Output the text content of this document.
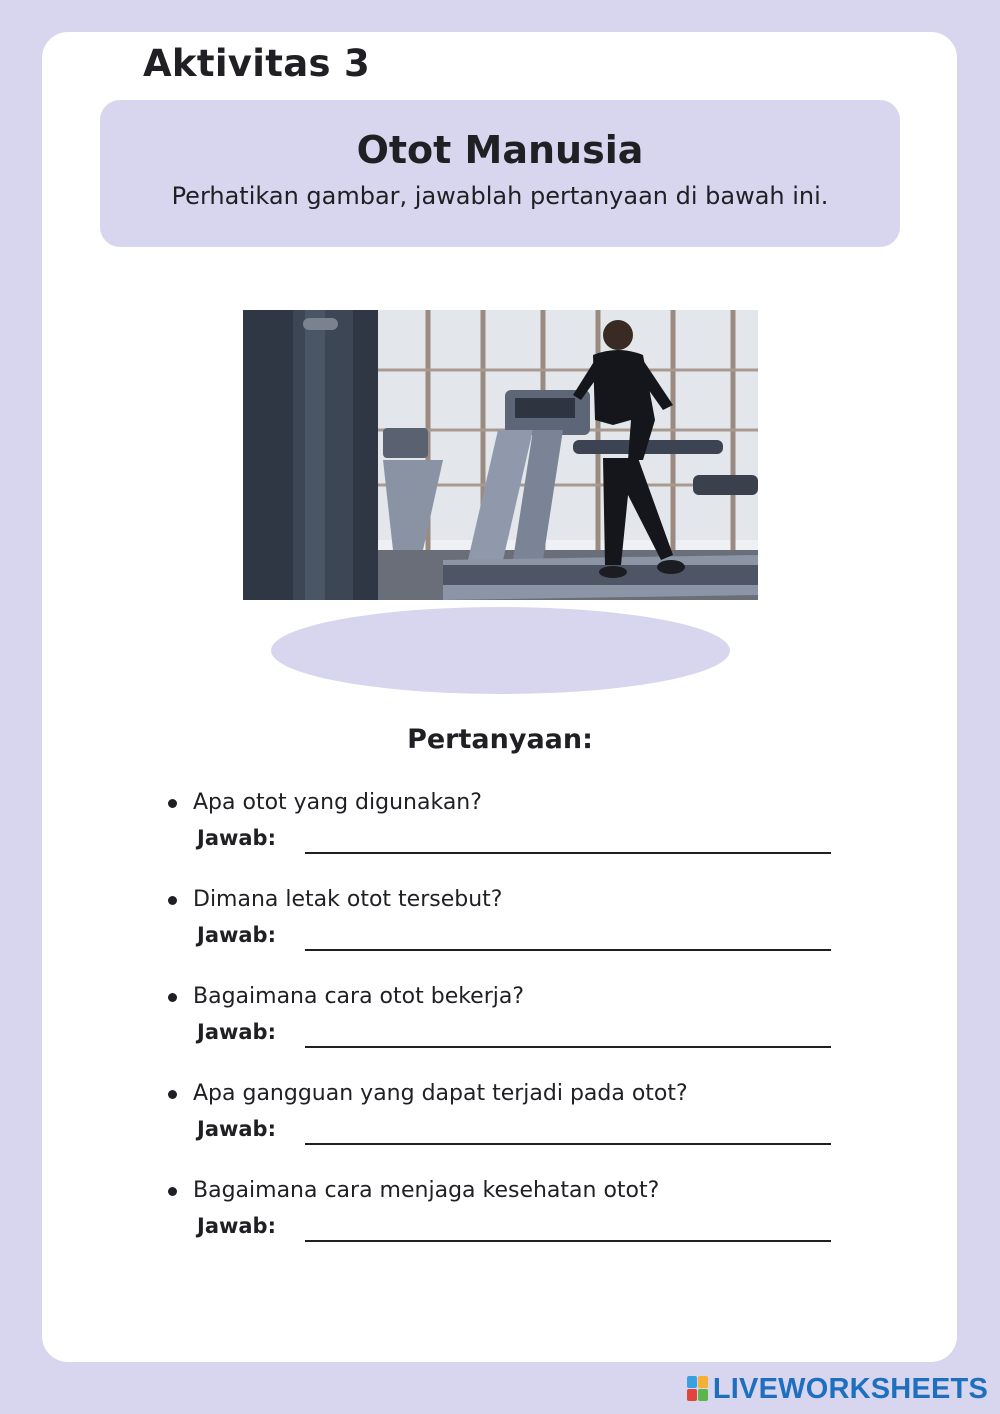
Aktivitas 3
Otot Manusia

Perhatikan gambar, jawablah pertanyaan di bawah ini.

Pertanyaan:
Apa otot yang digunakan?
Jawab:
Dimana letak otot tersebut?
Jawab:
Bagaimana cara otot bekerja?
Jawab:
Apa gangguan yang dapat terjadi pada otot?
Jawab:
Bagaimana cara menjaga kesehatan otot?
Jawab:
LIVEWORKSHEETS
